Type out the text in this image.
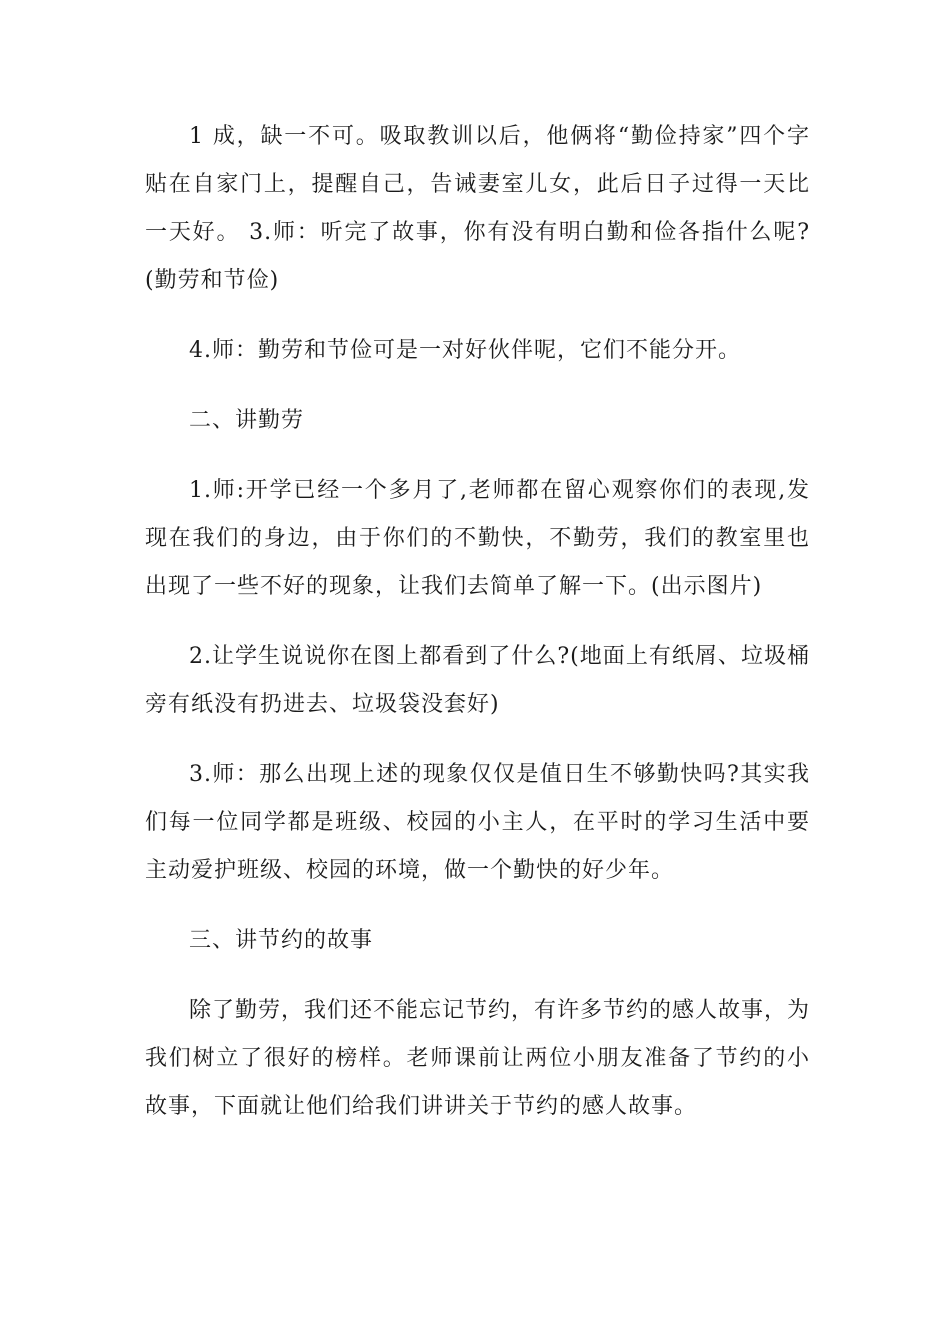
1 成，缺一不可。吸取教训以后，他俩将“勤俭持家”四个字贴在自家门上，提醒自己，告诫妻室儿女，此后日子过得一天比一天好。 3.师：听完了故事，你有没有明白勤和俭各指什么呢?(勤劳和节俭)

4.师：勤劳和节俭可是一对好伙伴呢，它们不能分开。

二、讲勤劳

1.师:开学已经一个多月了,老师都在留心观察你们的表现,发现在我们的身边，由于你们的不勤快，不勤劳，我们的教室里也出现了一些不好的现象，让我们去简单了解一下。(出示图片)

2.让学生说说你在图上都看到了什么?(地面上有纸屑、垃圾桶旁有纸没有扔进去、垃圾袋没套好)

3.师：那么出现上述的现象仅仅是值日生不够勤快吗?其实我们每一位同学都是班级、校园的小主人，在平时的学习生活中要主动爱护班级、校园的环境，做一个勤快的好少年。

三、讲节约的故事

除了勤劳，我们还不能忘记节约，有许多节约的感人故事，为我们树立了很好的榜样。老师课前让两位小朋友准备了节约的小故事，下面就让他们给我们讲讲关于节约的感人故事。
